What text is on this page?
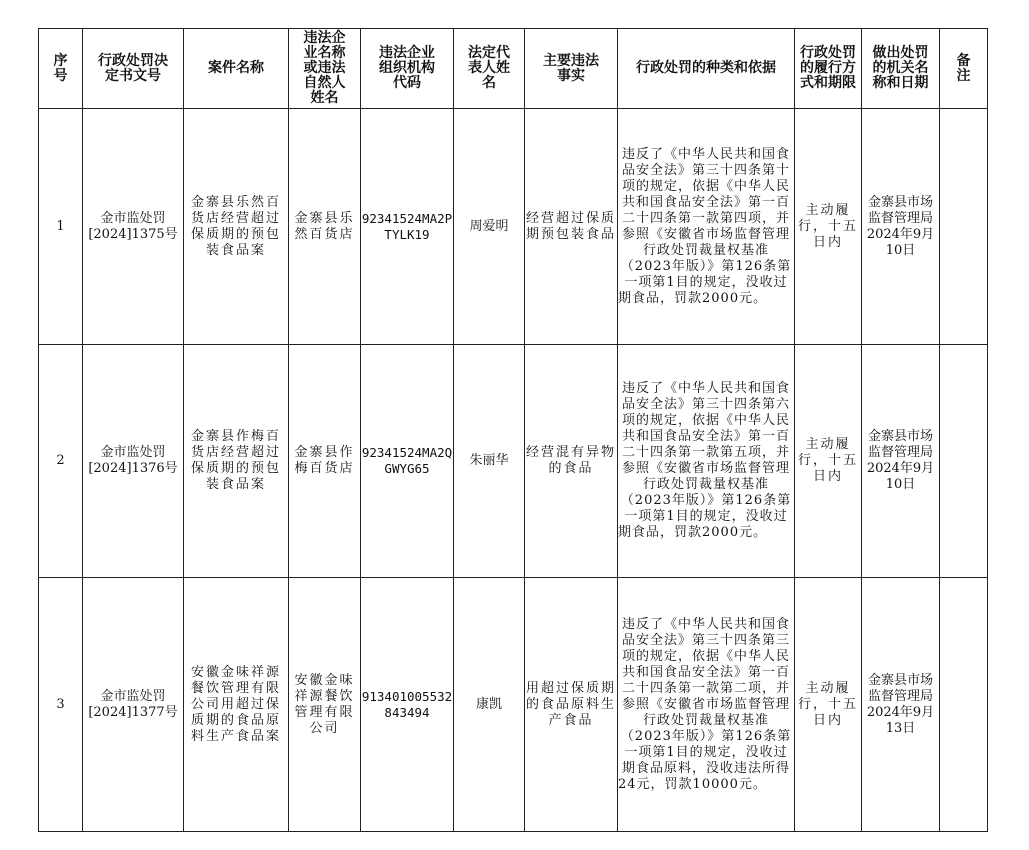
序号	行政处罚决定书文号	案件名称	违法企业名称或违法自然人姓名	违法企业组织机构代码	法定代表人姓名	主要违法事实	行政处罚的种类和依据	行政处罚的履行方式和期限	做出处罚的机关名称和日期	备注
1	金市监处罚[2024]1375号	金寨县乐然百货店经营超过保质期的预包装食品案	金寨县乐然百货店	92341524MA2PTYLK19	周爱明	经营超过保质期预包装食品	违反了《中华人民共和国食品安全法》第三十四条第十项的规定，依据《中华人民共和国食品安全法》第一百二十四条第一款第四项，并参照《安徽省市场监督管理行政处罚裁量权基准（2023年版）》第126条第一项第1目的规定，没收过期食品，罚款2000元。	主动履行，十五日内	金寨县市场监督管理局2024年9月10日	
2	金市监处罚[2024]1376号	金寨县作梅百货店经营超过保质期的预包装食品案	金寨县作梅百货店	92341524MA2QGWYG65	朱丽华	经营混有异物的食品	违反了《中华人民共和国食品安全法》第三十四条第六项的规定，依据《中华人民共和国食品安全法》第一百二十四条第一款第五项，并参照《安徽省市场监督管理行政处罚裁量权基准（2023年版）》第126条第一项第1目的规定，没收过期食品，罚款2000元。	主动履行，十五日内	金寨县市场监督管理局2024年9月10日	
3	金市监处罚[2024]1377号	安徽金味祥源餐饮管理有限公司用超过保质期的食品原料生产食品案	安徽金味祥源餐饮管理有限公司	913401005532843494	康凯	用超过保质期的食品原料生产食品	违反了《中华人民共和国食品安全法》第三十四条第三项的规定，依据《中华人民共和国食品安全法》第一百二十四条第一款第二项，并参照《安徽省市场监督管理行政处罚裁量权基准（2023年版）》第126条第一项第1目的规定，没收过期食品原料，没收违法所得24元，罚款10000元。	主动履行，十五日内	金寨县市场监督管理局2024年9月13日	
